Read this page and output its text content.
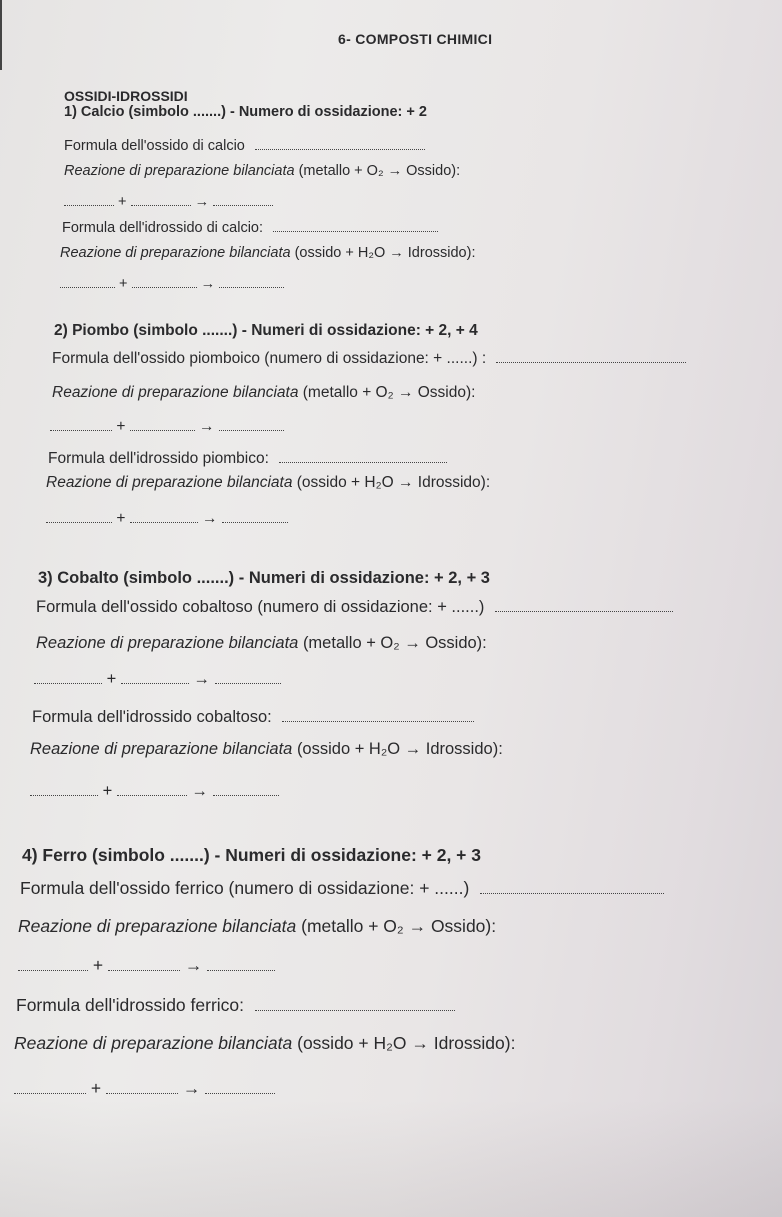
6- COMPOSTI CHIMICI
OSSIDI-IDROSSIDI
1) Calcio (simbolo .......) - Numero di ossidazione: + 2
Formula dell'ossido di calcio
Reazione di preparazione bilanciata (metallo + O₂ → Ossido):
+	→
Formula dell'idrossido di calcio:
Reazione di preparazione bilanciata (ossido + H₂O → Idrossido):
+	→
2) Piombo (simbolo .......) - Numeri di ossidazione: + 2, + 4
Formula dell'ossido piomboico (numero di ossidazione: + ......) :
Reazione di preparazione bilanciata (metallo + O₂ → Ossido):
+	→
Formula dell'idrossido piombico:
Reazione di preparazione bilanciata (ossido + H₂O → Idrossido):
+	→
3) Cobalto (simbolo .......) - Numeri di ossidazione: + 2, + 3
Formula dell'ossido cobaltoso (numero di ossidazione: + ......)
Reazione di preparazione bilanciata (metallo + O₂ → Ossido):
+	→
Formula dell'idrossido cobaltoso:
Reazione di preparazione bilanciata (ossido + H₂O → Idrossido):
+	→
4) Ferro (simbolo .......) - Numeri di ossidazione: + 2, + 3
Formula dell'ossido ferrico (numero di ossidazione: + ......)
Reazione di preparazione bilanciata (metallo + O₂ → Ossido):
+	→
Formula dell'idrossido ferrico:
Reazione di preparazione bilanciata (ossido + H₂O → Idrossido):
+	→
